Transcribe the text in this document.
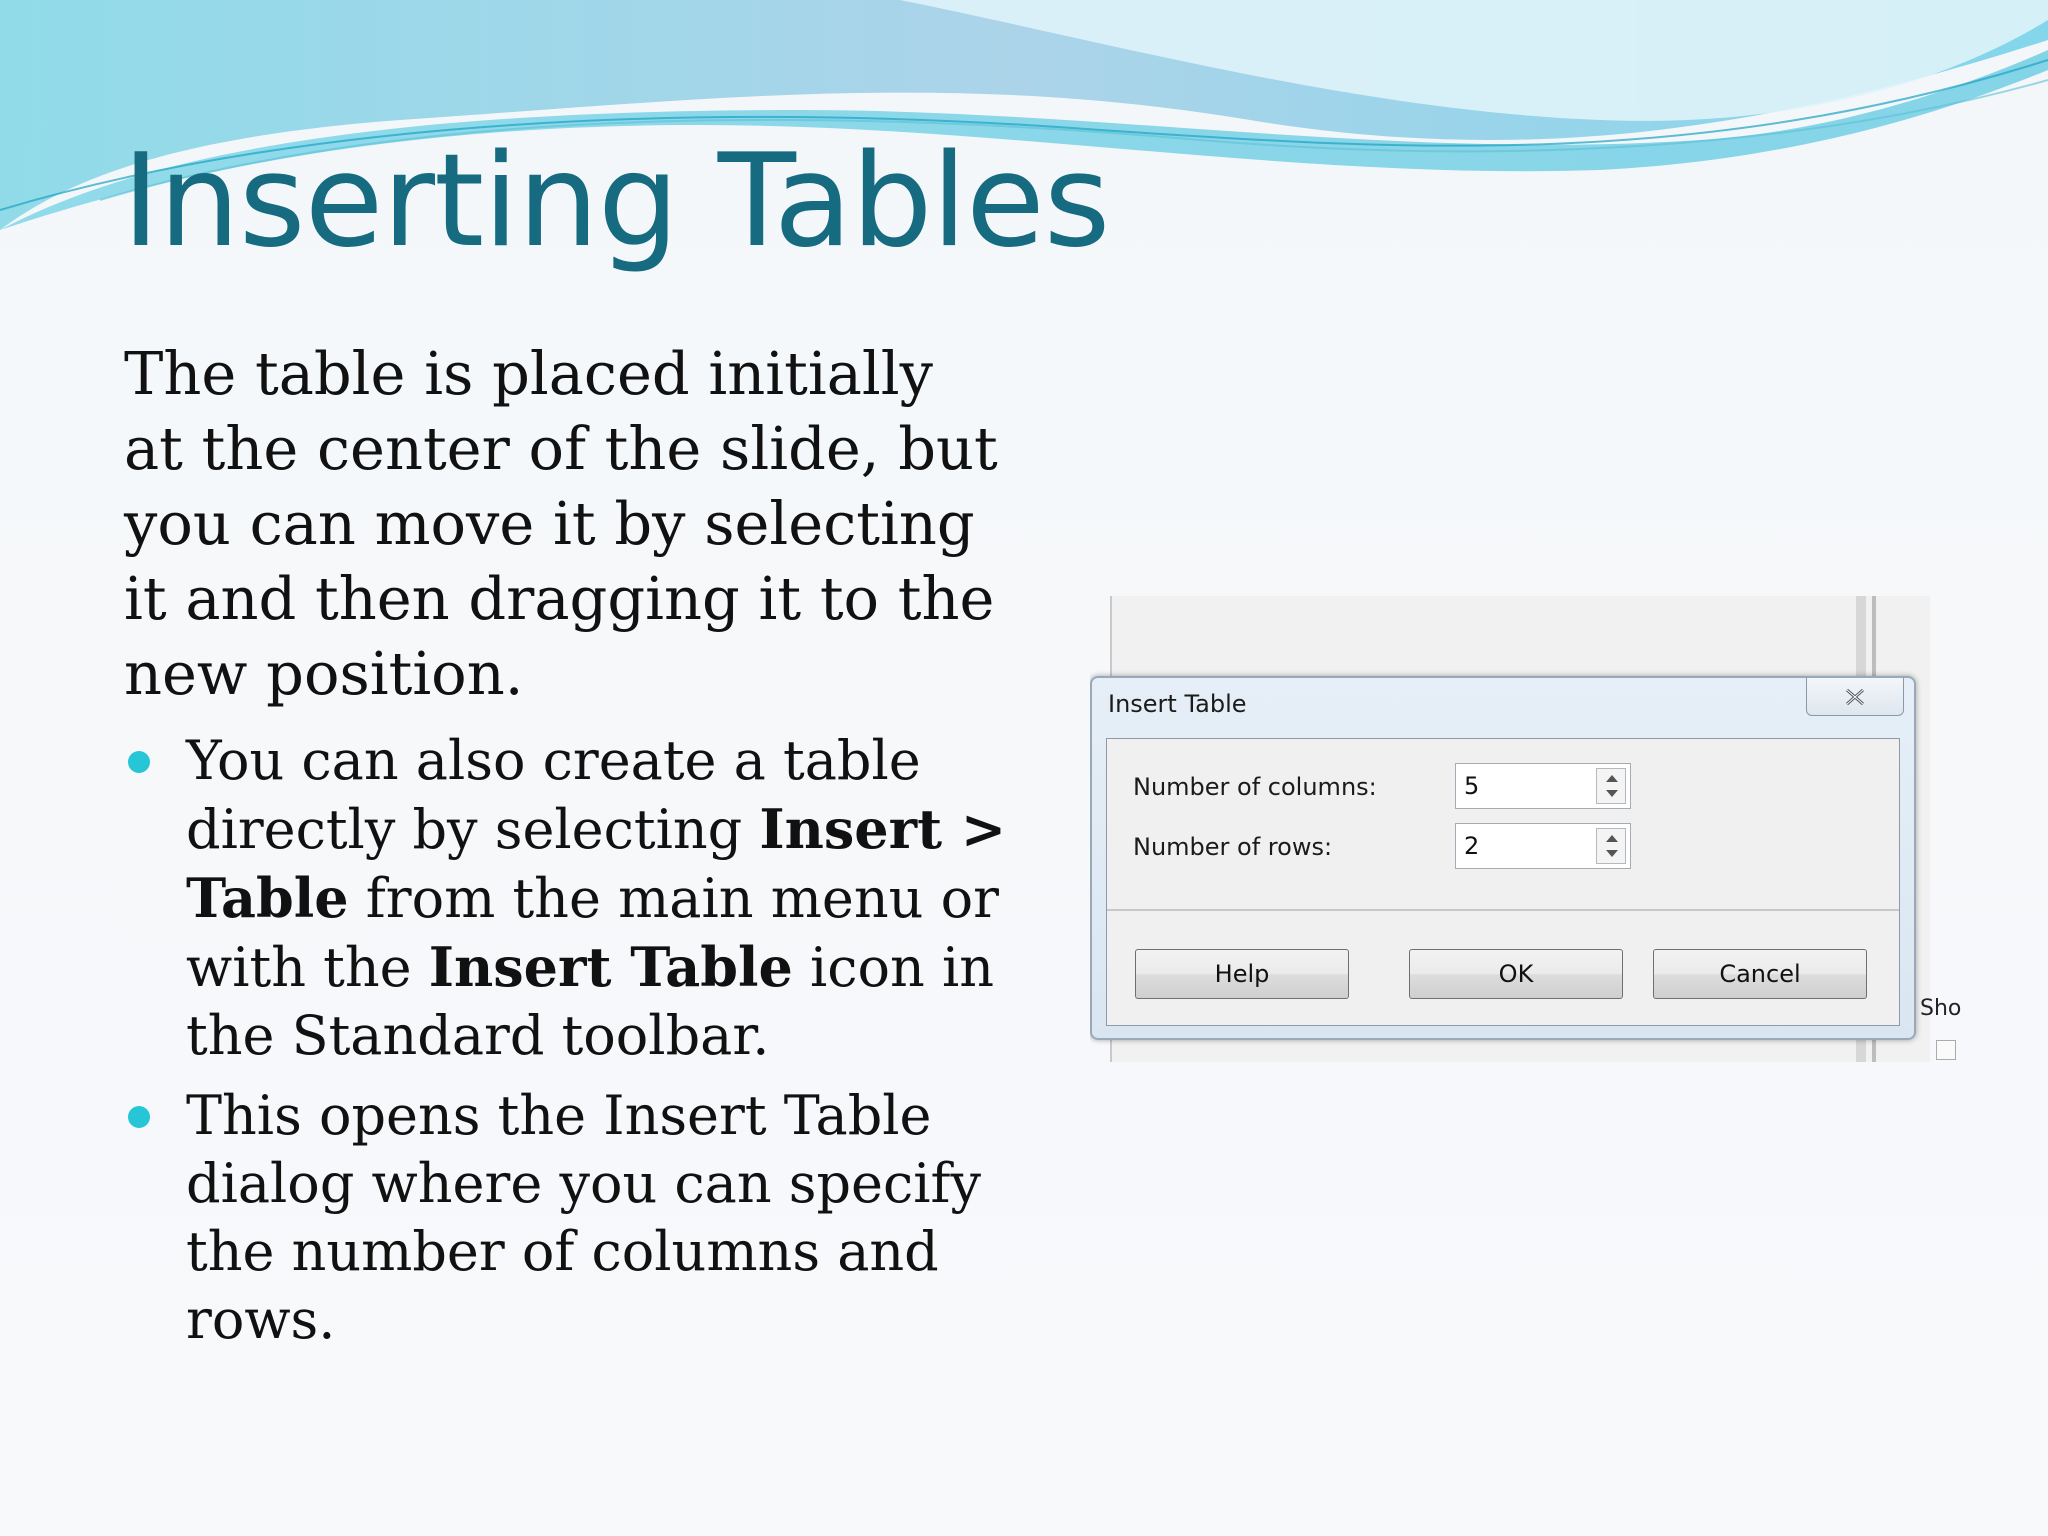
Inserting Tables

The table is placed initially at the center of the slide, but you can move it by selecting it and then dragging it to the new position.

You can also create a table directly by selecting Insert > Table from the main menu or with the Insert Table icon in the Standard toolbar.
This opens the Insert Table dialog where you can specify the number of columns and rows.
Sho
Insert Table
Number of columns:	5
Number of rows:	2
Help	OK	Cancel
